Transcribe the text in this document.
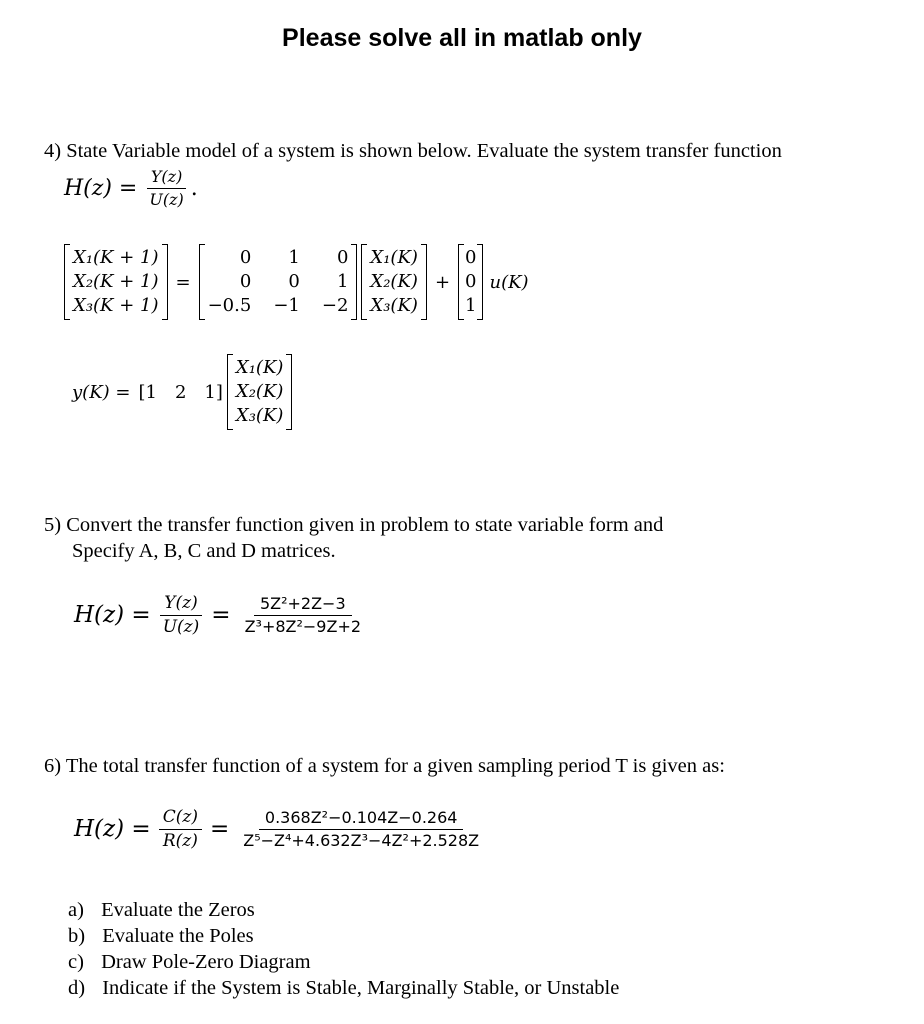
Please solve all in matlab only
4) State Variable model of a system is shown below. Evaluate the system transfer function
$H(z) = \frac{Y(z)}{U(z)}$ .
X₁(K + 1)
X₂(K + 1)
X₃(K + 1)
=
0	1	0
0	0	1
−0.5 −1 −2
X₁(K)
X₂(K)
X₃(K)
+
0
0
1
u(K)
y(K) = [ 1 2 1 ]
X₁(K)
X₂(K)
X₃(K)
5) Convert the transfer function given in problem to state variable form and
Specify A, B, C and D matrices.
$H(z) = \frac{Y(z)}{U(z)} = \frac{\text{5Z²+2Z−3}}{\text{Z³+8Z²−9Z+2}}$
6) The total transfer function of a system for a given sampling period T is given as:
$H(z) = \frac{C(z)}{R(z)} = \frac{\text{0.368Z²−0.104Z−0.264}}{\text{Z⁵−Z⁴+4.632Z³−4Z²+2.528Z}}$
a) Evaluate the Zeros
b) Evaluate the Poles
c) Draw Pole-Zero Diagram
d) Indicate if the System is Stable, Marginally Stable, or Unstable
